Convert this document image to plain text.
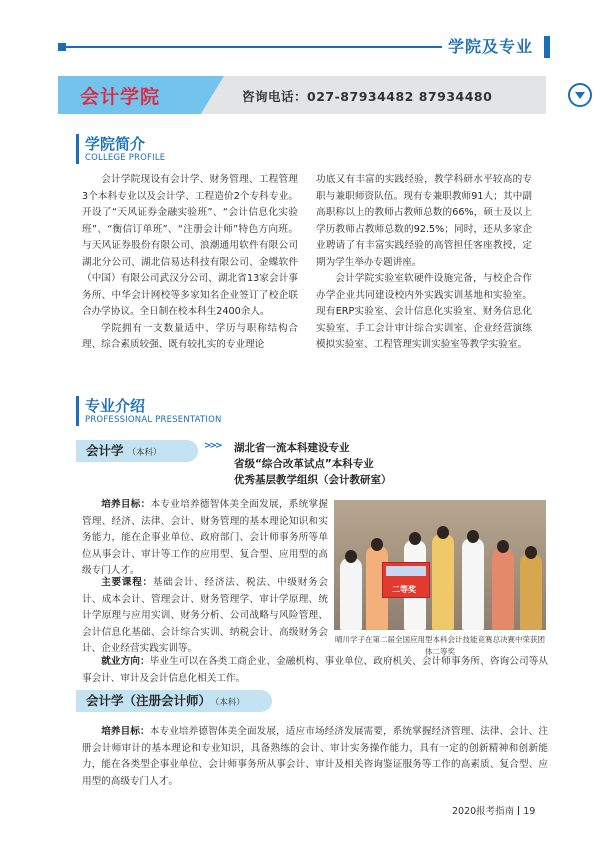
学院及专业
会计学院	咨询电话：027-87934482 87934480
学院简介
COLLEGE PROFILE

会计学院现设有会计学、财务管理、工程管理3个本科专业以及会计学、工程造价2个专科专业。开设了“天风证券金融实验班”、“会计信息化实验班”、“衡信订单班”、“注册会计师”特色方向班。与天风证券股份有限公司、浪潮通用软件有限公司湖北分公司、湖北信易达科技有限公司、金蝶软件（中国）有限公司武汉分公司、湖北省13家会计事务所、中华会计网校等多家知名企业签订了校企联合办学协议。全日制在校本科生2400余人。

学院拥有一支数量适中、学历与职称结构合理、综合素质较强、既有较扎实的专业理论

功底又有丰富的实践经验，教学科研水平较高的专职与兼职师资队伍。现有专兼职教师91人；其中副高职称以上的教师占教师总数的66%，硕士及以上学历教师占教师总数的92.5%；同时，还从多家企业聘请了有丰富实践经验的高管担任客座教授，定期为学生举办专题讲座。

会计学院实验室软硬件设施完备，与校企合作办学企业共同建设校内外实践实训基地和实验室。现有ERP实验室、会计信息化实验室、财务信息化实验室、手工会计审计综合实训室、企业经营演练模拟实验室、工程管理实训实验室等教学实验室。

专业介绍
PROFESSIONAL PRESENTATION
会计学 （本科）
>>> 湖北省一流本科建设专业
省级“综合改革试点”本科专业
优秀基层教学组织（会计教研室）

培养目标：本专业培养德智体美全面发展，系统掌握管理、经济、法律、会计、财务管理的基本理论知识和实务能力，能在企事业单位、政府部门、会计师事务所等单位从事会计、审计等工作的应用型、复合型、应用型的高级专门人才。

主要课程：基础会计、经济法、税法、中级财务会计、成本会计、管理会计、财务管理学、审计学原理、统计学原理与应用实训、财务分析、公司战略与风险管理、会计信息化基础、会计综合实训、纳税会计、高级财务会计、企业经营实践实训等。

就业方向：毕业生可以在各类工商企业、金融机构、事业单位、政府机关、会计师事务所、咨询公司等从事会计、审计及会计信息化相关工作。

二等奖
晴川学子在第二届全国应用型本科会计技能竞赛总决赛中荣获团体二等奖
会计学（注册会计师） （本科）

培养目标：本专业培养德智体美全面发展，适应市场经济发展需要，系统掌握经济管理、法律、会计、注册会计师审计的基本理论和专业知识，具备熟练的会计、审计实务操作能力，具有一定的创新精神和创新能力，能在各类型企事业单位、会计师事务所从事会计、审计及相关咨询鉴证服务等工作的高素质、复合型、应用型的高级专门人才。

2020报考指南 19
